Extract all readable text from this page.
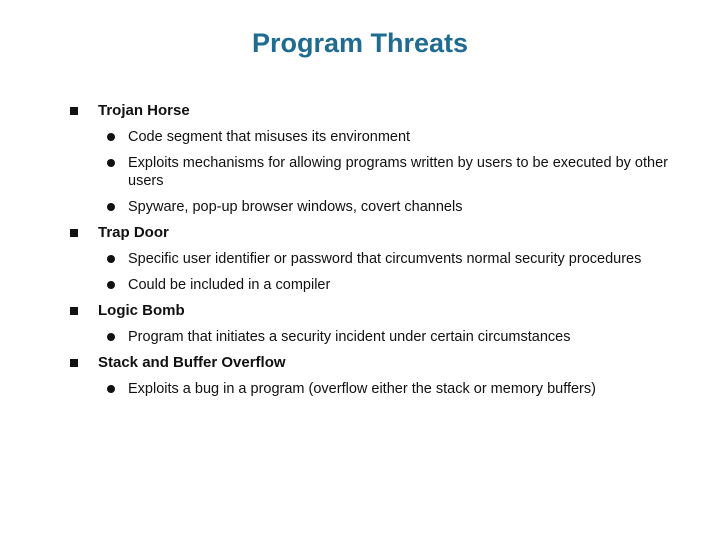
Program Threats
Trojan Horse
Code segment that misuses its environment
Exploits mechanisms for allowing programs written by users to be executed by other users
Spyware, pop-up browser windows, covert channels
Trap Door
Specific user identifier or password that circumvents normal security procedures
Could be included in a compiler
Logic Bomb
Program that initiates a security incident under certain circumstances
Stack and Buffer Overflow
Exploits a bug in a program (overflow either the stack or memory buffers)
